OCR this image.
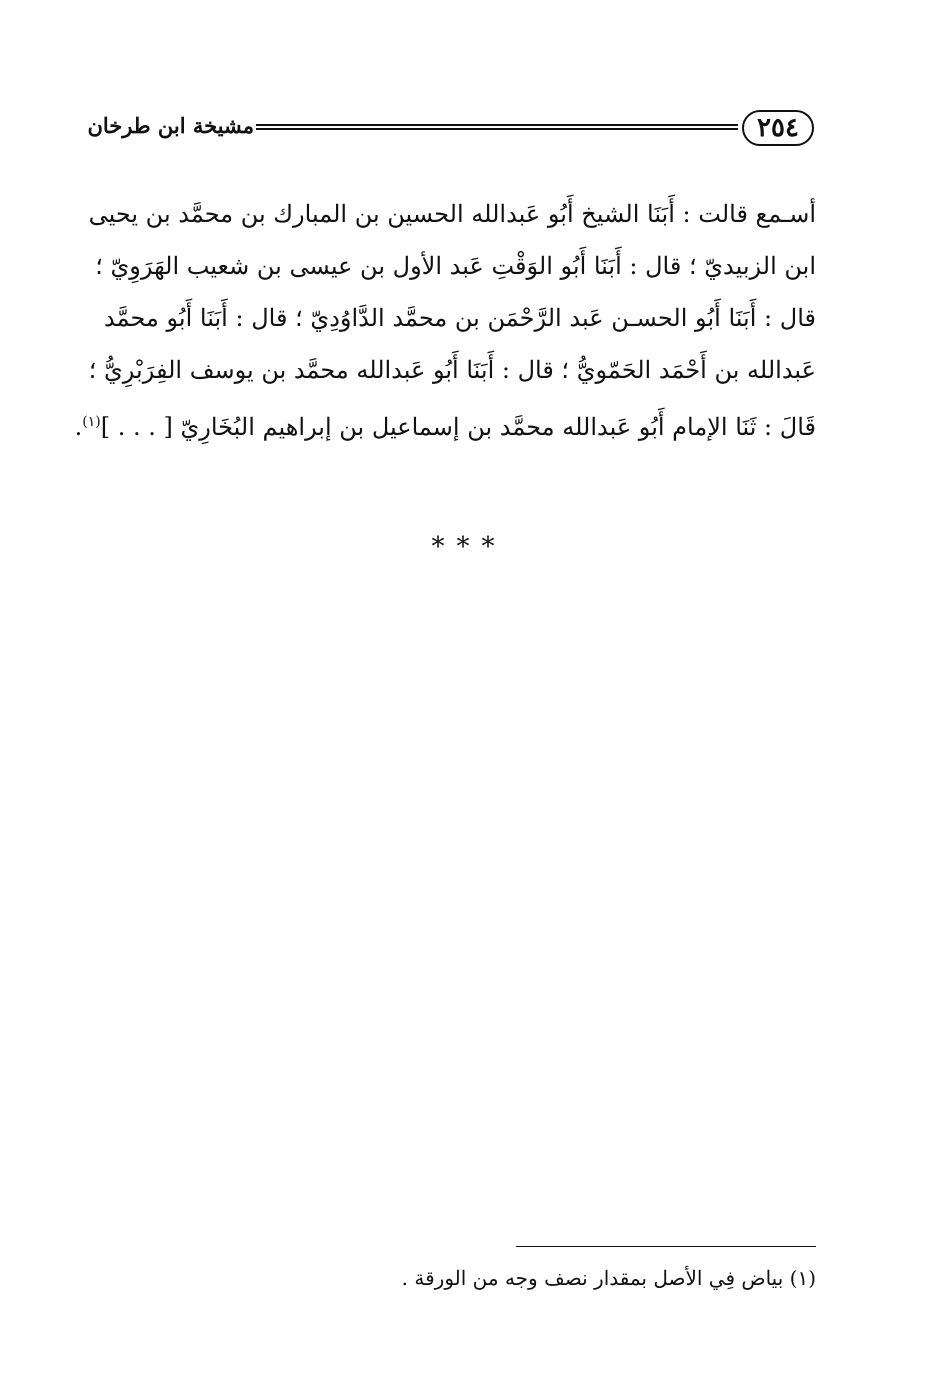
٢٥٤
مشيخة ابن طرخان
أسـمع قالت : أَبَنَا الشيخ أَبُو عَبدالله الحسين بن المبارك بن محمَّد بن يحيى
ابن الزبيديّ ؛ قال : أَبَنَا أَبُو الوَقْتِ عَبد الأول بن عيسى بن شعيب الهَرَوِيّ ؛
قال : أَبَنَا أَبُو الحسـن عَبد الرَّحْمَن بن محمَّد الدَّاوُدِيّ ؛ قال : أَبَنَا أَبُو محمَّد
عَبدالله بن أَحْمَد الحَمّويُّ ؛ قال : أَبَنَا أَبُو عَبدالله محمَّد بن يوسف الفِرَبْرِيُّ ؛
قَالَ : ثَنَا الإمام أَبُو عَبدالله محمَّد بن إسماعيل بن إبراهيم البُخَارِيّ [ . . . ]$^{(١)}$.
***
(١) بياض فِي الأصل بمقدار نصف وجه من الورقة .
